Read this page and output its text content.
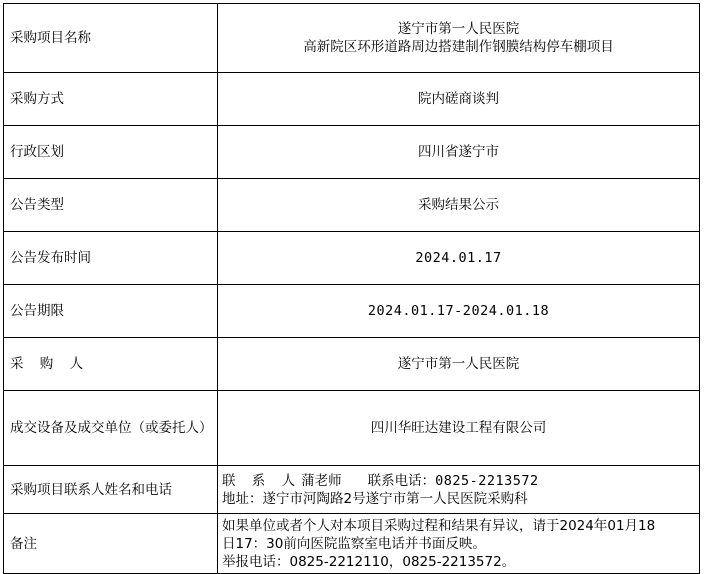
采购项目名称	遂宁市第一人民医院
高新院区环形道路周边搭建制作钢膜结构停车棚项目

采购方式	院内磋商谈判
行政区划	四川省遂宁市
公告类型	采购结果公示
公告发布时间	2024.01.17
公告期限	2024.01.17-2024.01.18
采 购 人	遂宁市第一人民医院

成交设备及成交单位（或委托人）	四川华旺达建设工程有限公司
采购项目联系人姓名和电话	联 系 人蒲老师 联系电话：0825-2213572
地址：遂宁市河陶路2号遂宁市第一人民医院采购科

备注	如果单位或者个人对本项目采购过程和结果有异议，请于2024年01月18
日17：30前向医院监察室电话并书面反映。
举报电话：0825-2212110，0825-2213572。
